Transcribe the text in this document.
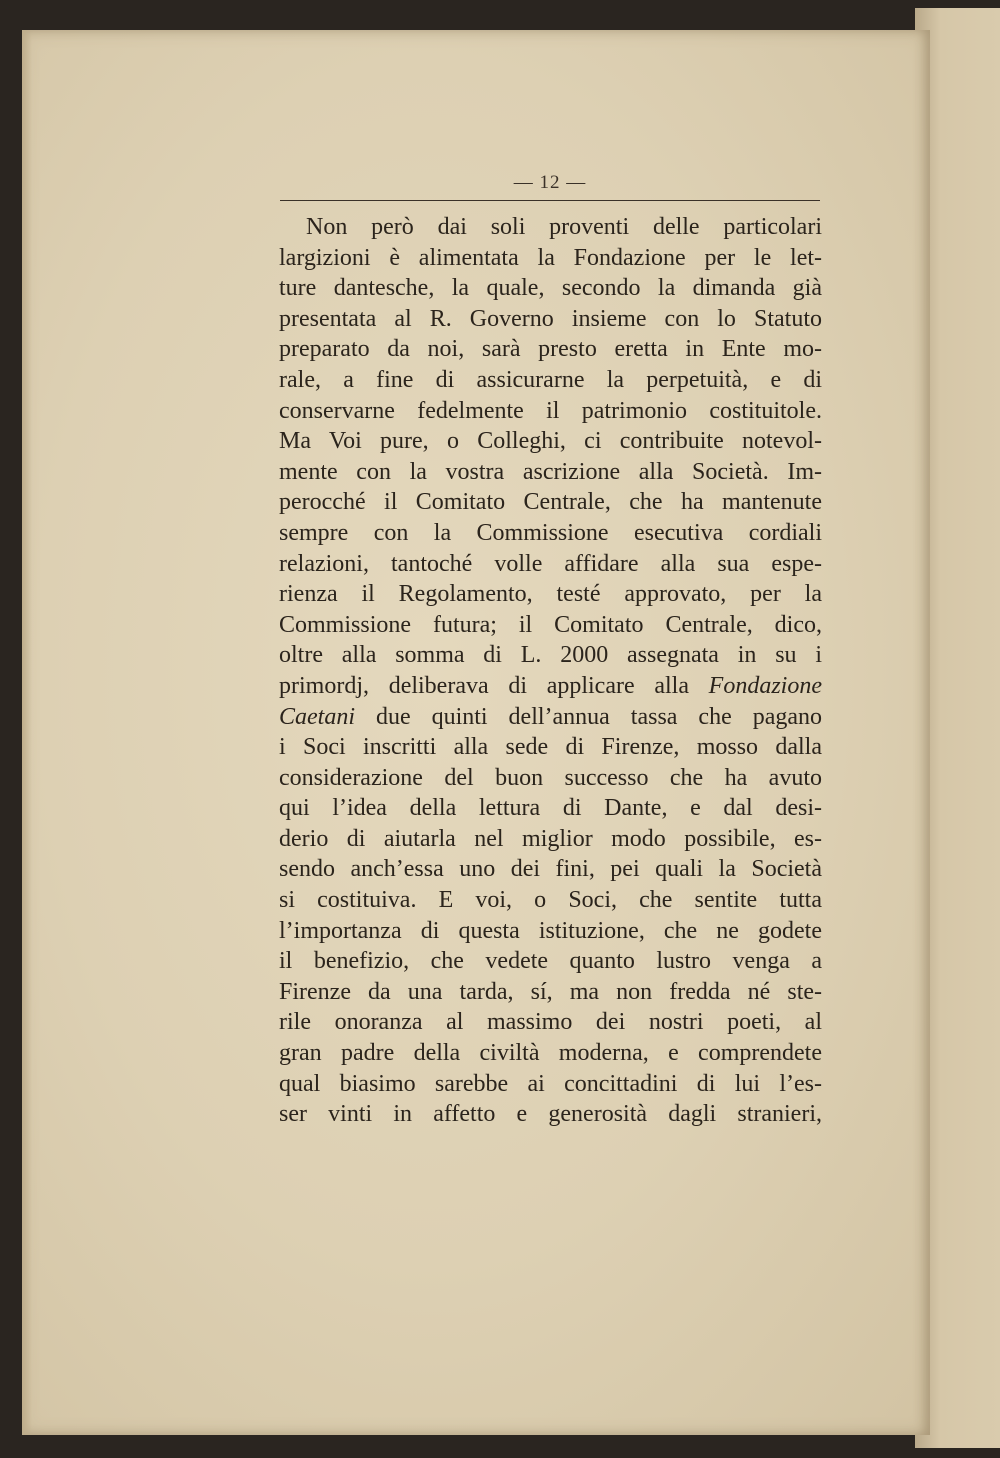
— 12 —
Non però dai soli proventi delle particolari
largizioni è alimentata la Fondazione per le let-
ture dantesche, la quale, secondo la dimanda già
presentata al R. Governo insieme con lo Statuto
preparato da noi, sarà presto eretta in Ente mo-
rale, a fine di assicurarne la perpetuità, e di
conservarne fedelmente il patrimonio costituitole.
Ma Voi pure, o Colleghi, ci contribuite notevol-
mente con la vostra ascrizione alla Società. Im-
perocché il Comitato Centrale, che ha mantenute
sempre con la Commissione esecutiva cordiali
relazioni, tantoché volle affidare alla sua espe-
rienza il Regolamento, testé approvato, per la
Commissione futura; il Comitato Centrale, dico,
oltre alla somma di L. 2000 assegnata in su i
primordj, deliberava di applicare alla Fondazione
Caetani due quinti dell’annua tassa che pagano
i Soci inscritti alla sede di Firenze, mosso dalla
considerazione del buon successo che ha avuto
qui l’idea della lettura di Dante, e dal desi-
derio di aiutarla nel miglior modo possibile, es-
sendo anch’essa uno dei fini, pei quali la Società
si costituiva. E voi, o Soci, che sentite tutta
l’importanza di questa istituzione, che ne godete
il benefizio, che vedete quanto lustro venga a
Firenze da una tarda, sí, ma non fredda né ste-
rile onoranza al massimo dei nostri poeti, al
gran padre della civiltà moderna, e comprendete
qual biasimo sarebbe ai concittadini di lui l’es-
ser vinti in affetto e generosità dagli stranieri,
